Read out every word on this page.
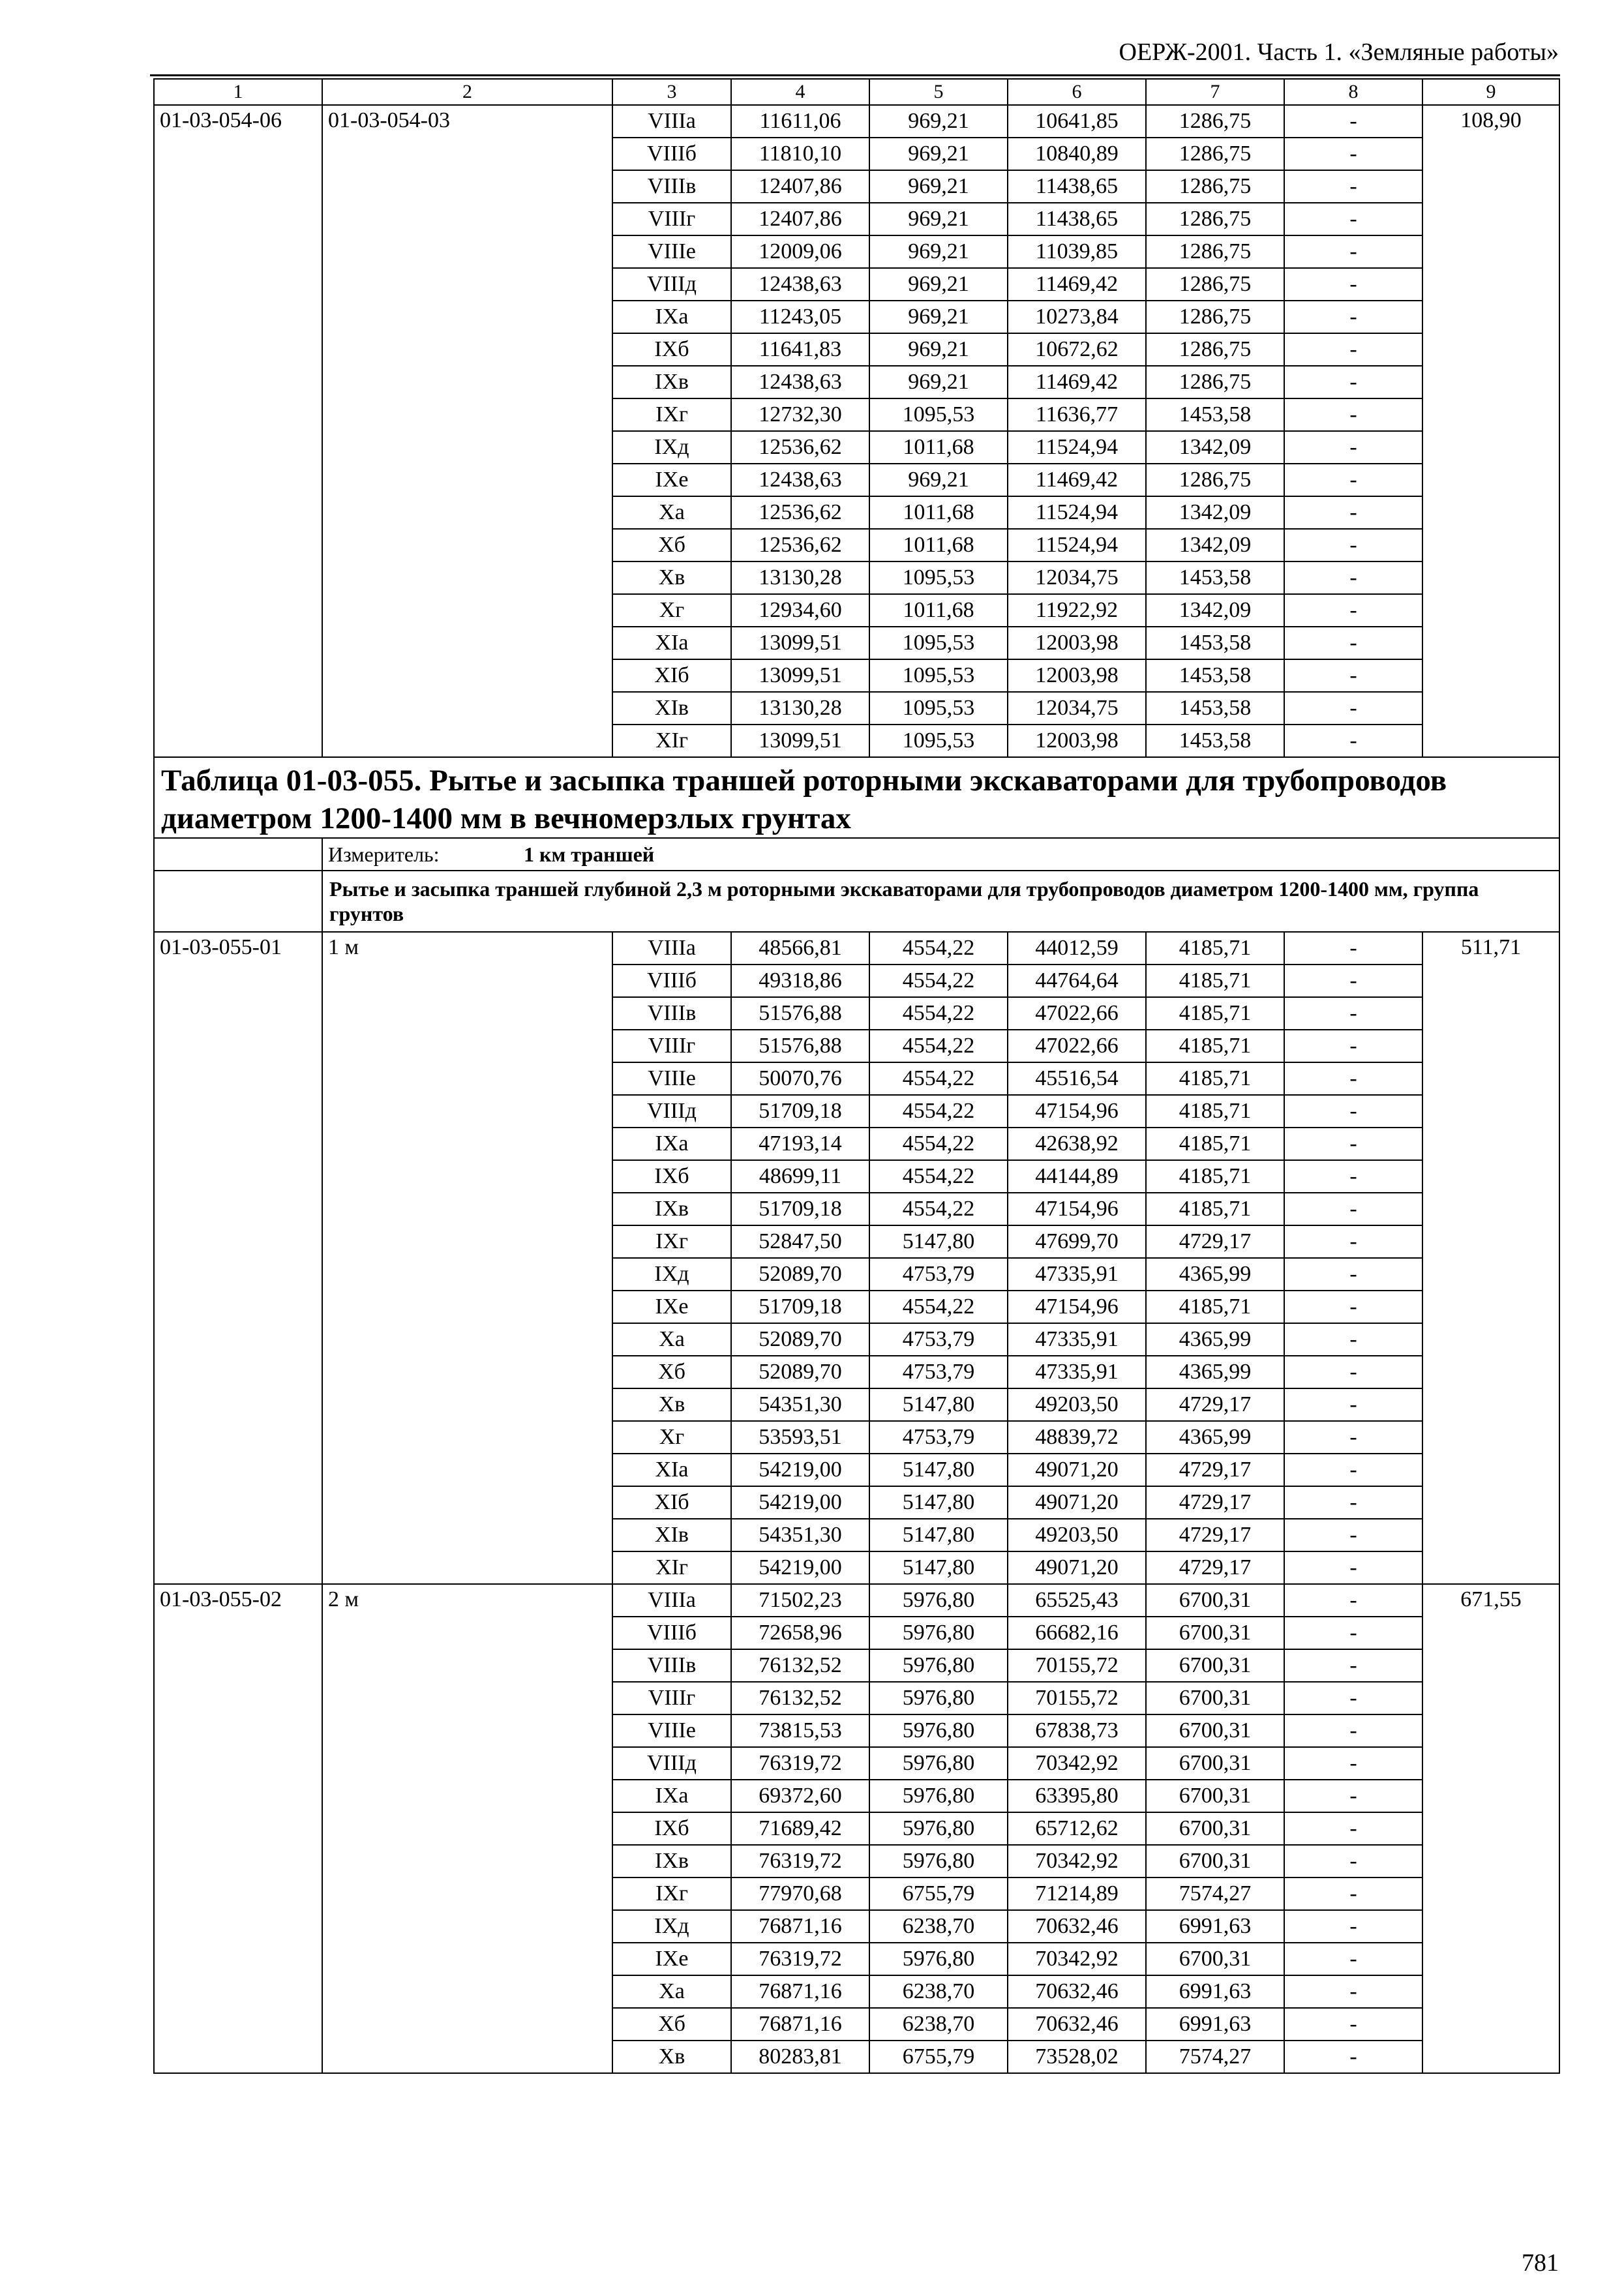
ОЕРЖ-2001. Часть 1. «Земляные работы»
1	2	3	4	5	6	7	8	9
01-03-054-06	01-03-054-03	VIIIа	11611,06	969,21	10641,85	1286,75	-	108,90
		VIIIб	11810,10	969,21	10840,89	1286,75	-	
		VIIIв	12407,86	969,21	11438,65	1286,75	-	
		VIIIг	12407,86	969,21	11438,65	1286,75	-	
		VIIIе	12009,06	969,21	11039,85	1286,75	-	
		VIIIд	12438,63	969,21	11469,42	1286,75	-	
		IXа	11243,05	969,21	10273,84	1286,75	-	
		IXб	11641,83	969,21	10672,62	1286,75	-	
		IXв	12438,63	969,21	11469,42	1286,75	-	
		IXг	12732,30	1095,53	11636,77	1453,58	-	
		IXд	12536,62	1011,68	11524,94	1342,09	-	
		IXе	12438,63	969,21	11469,42	1286,75	-	
		Xа	12536,62	1011,68	11524,94	1342,09	-	
		Xб	12536,62	1011,68	11524,94	1342,09	-	
		Xв	13130,28	1095,53	12034,75	1453,58	-	
		Xг	12934,60	1011,68	11922,92	1342,09	-	
		XIа	13099,51	1095,53	12003,98	1453,58	-	
		XIб	13099,51	1095,53	12003,98	1453,58	-	
		XIв	13130,28	1095,53	12034,75	1453,58	-	
		XIг	13099,51	1095,53	12003,98	1453,58	-	
Таблица 01-03-055. Рытье и засыпка траншей роторными экскаваторами для трубопроводов диаметром 1200-1400 мм в вечномерзлых грунтах								
	Измеритель: 1 км траншей							
	Рытье и засыпка траншей глубиной 2,3 м роторными экскаваторами для трубопроводов диаметром 1200-1400 мм, группа грунтов							
01-03-055-01	1 м	VIIIа	48566,81	4554,22	44012,59	4185,71	-	511,71
		VIIIб	49318,86	4554,22	44764,64	4185,71	-	
		VIIIв	51576,88	4554,22	47022,66	4185,71	-	
		VIIIг	51576,88	4554,22	47022,66	4185,71	-	
		VIIIе	50070,76	4554,22	45516,54	4185,71	-	
		VIIIд	51709,18	4554,22	47154,96	4185,71	-	
		IXа	47193,14	4554,22	42638,92	4185,71	-	
		IXб	48699,11	4554,22	44144,89	4185,71	-	
		IXв	51709,18	4554,22	47154,96	4185,71	-	
		IXг	52847,50	5147,80	47699,70	4729,17	-	
		IXд	52089,70	4753,79	47335,91	4365,99	-	
		IXе	51709,18	4554,22	47154,96	4185,71	-	
		Xа	52089,70	4753,79	47335,91	4365,99	-	
		Xб	52089,70	4753,79	47335,91	4365,99	-	
		Xв	54351,30	5147,80	49203,50	4729,17	-	
		Xг	53593,51	4753,79	48839,72	4365,99	-	
		XIа	54219,00	5147,80	49071,20	4729,17	-	
		XIб	54219,00	5147,80	49071,20	4729,17	-	
		XIв	54351,30	5147,80	49203,50	4729,17	-	
		XIг	54219,00	5147,80	49071,20	4729,17	-	
01-03-055-02	2 м	VIIIа	71502,23	5976,80	65525,43	6700,31	-	671,55
		VIIIб	72658,96	5976,80	66682,16	6700,31	-	
		VIIIв	76132,52	5976,80	70155,72	6700,31	-	
		VIIIг	76132,52	5976,80	70155,72	6700,31	-	
		VIIIе	73815,53	5976,80	67838,73	6700,31	-	
		VIIIд	76319,72	5976,80	70342,92	6700,31	-	
		IXа	69372,60	5976,80	63395,80	6700,31	-	
		IXб	71689,42	5976,80	65712,62	6700,31	-	
		IXв	76319,72	5976,80	70342,92	6700,31	-	
		IXг	77970,68	6755,79	71214,89	7574,27	-	
		IXд	76871,16	6238,70	70632,46	6991,63	-	
		IXе	76319,72	5976,80	70342,92	6700,31	-	
		Xа	76871,16	6238,70	70632,46	6991,63	-	
		Xб	76871,16	6238,70	70632,46	6991,63	-	
		Xв	80283,81	6755,79	73528,02	7574,27	-	
781
